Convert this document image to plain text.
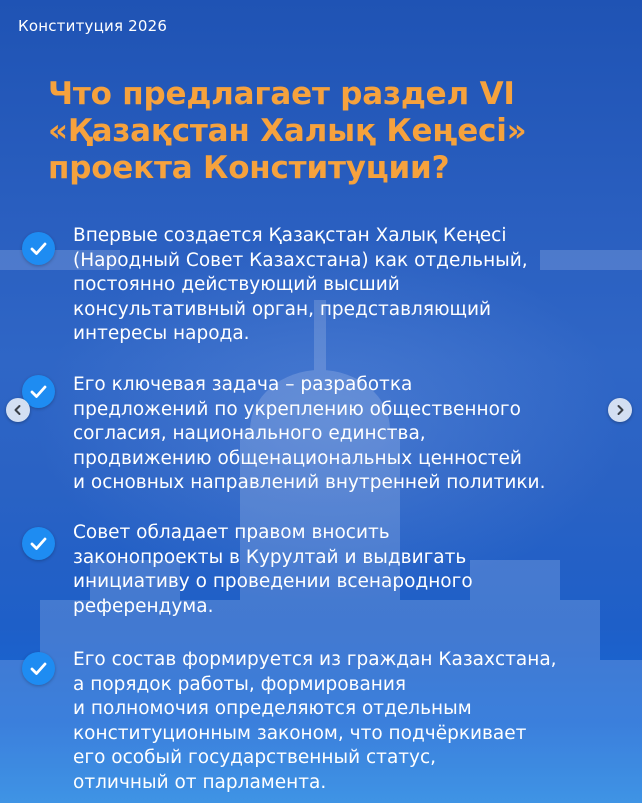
Конституция 2026
Что предлагает раздел VI
«Қазақстан Халық Кеңесі»
проекта Конституции?
Впервые создается Қазақстан Халық Кеңесі
(Народный Совет Казахстана) как отдельный,
постоянно действующий высший
консультативный орган, представляющий
интересы народа.
Его ключевая задача – разработка
предложений по укреплению общественного
согласия, национального единства,
продвижению общенациональных ценностей
и основных направлений внутренней политики.
Совет обладает правом вносить
законопроекты в Курултай и выдвигать
инициативу о проведении всенародного
референдума.
Его состав формируется из граждан Казахстана,
а порядок работы, формирования
и полномочия определяются отдельным
конституционным законом, что подчёркивает
его особый государственный статус,
отличный от парламента.
